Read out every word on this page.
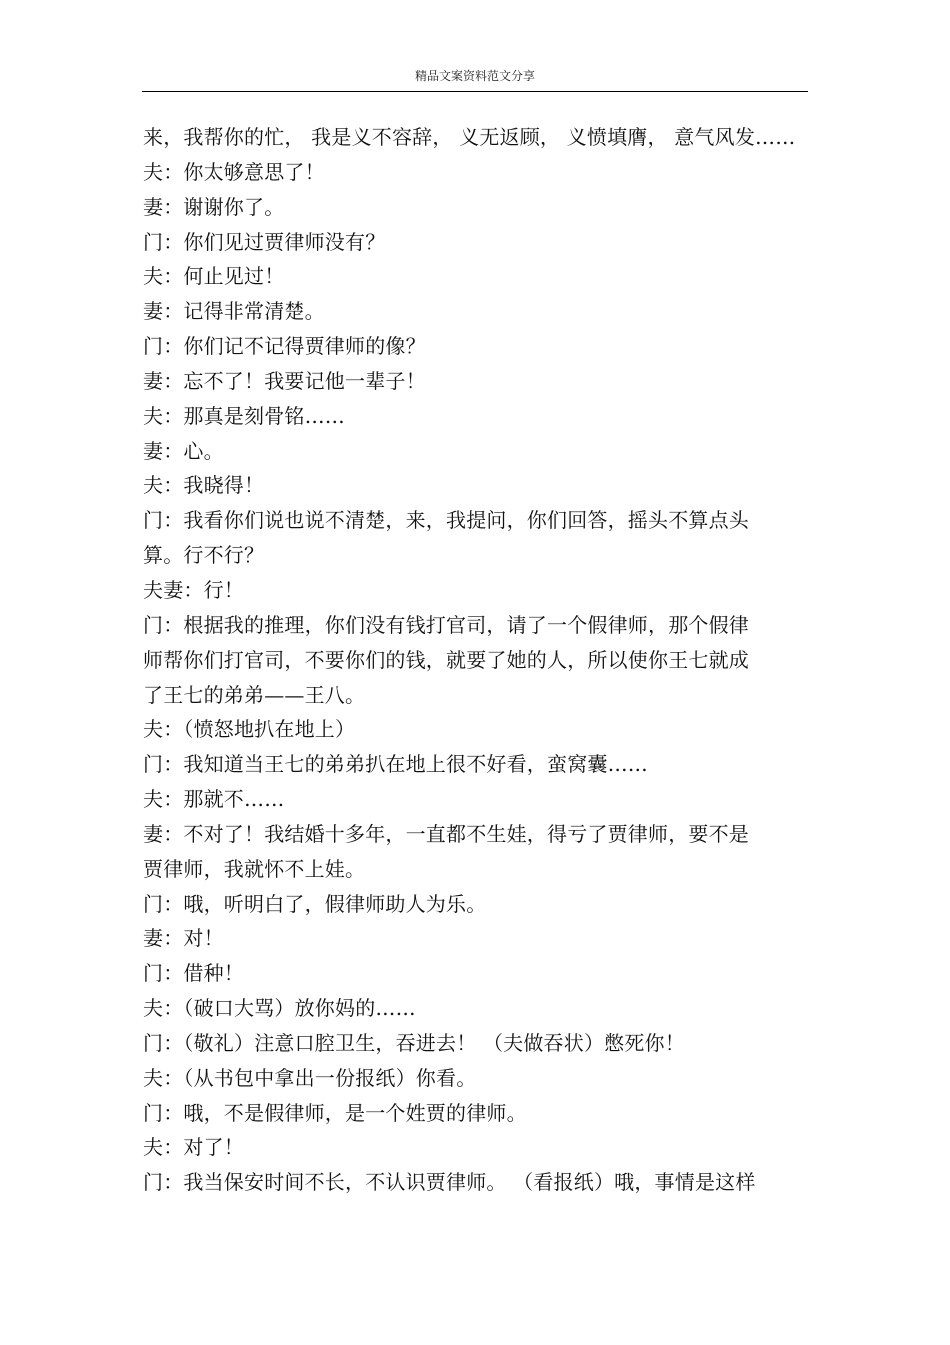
精品文案资料范文分享
来，我帮你的忙， 我是义不容辞， 义无返顾， 义愤填膺， 意气风发……
夫：你太够意思了！
妻：谢谢你了。
门：你们见过贾律师没有？
夫：何止见过！
妻：记得非常清楚。
门：你们记不记得贾律师的像？
妻：忘不了！我要记他一辈子！
夫：那真是刻骨铭……
妻：心。
夫：我晓得！
门：我看你们说也说不清楚，来，我提问，你们回答，摇头不算点头
算。行不行？
夫妻：行！
门：根据我的推理，你们没有钱打官司，请了一个假律师，那个假律
师帮你们打官司，不要你们的钱，就要了她的人，所以使你王七就成
了王七的弟弟——王八。
夫：（愤怒地扒在地上）
门：我知道当王七的弟弟扒在地上很不好看，蛮窝囊……
夫：那就不……
妻：不对了！我结婚十多年，一直都不生娃，得亏了贾律师，要不是
贾律师，我就怀不上娃。
门：哦，听明白了，假律师助人为乐。
妻：对！
门：借种！
夫：（破口大骂）放你妈的……
门：（敬礼）注意口腔卫生，吞进去！ （夫做吞状）憋死你！
夫：（从书包中拿出一份报纸）你看。
门：哦，不是假律师，是一个姓贾的律师。
夫：对了！
门：我当保安时间不长，不认识贾律师。 （看报纸）哦，事情是这样
